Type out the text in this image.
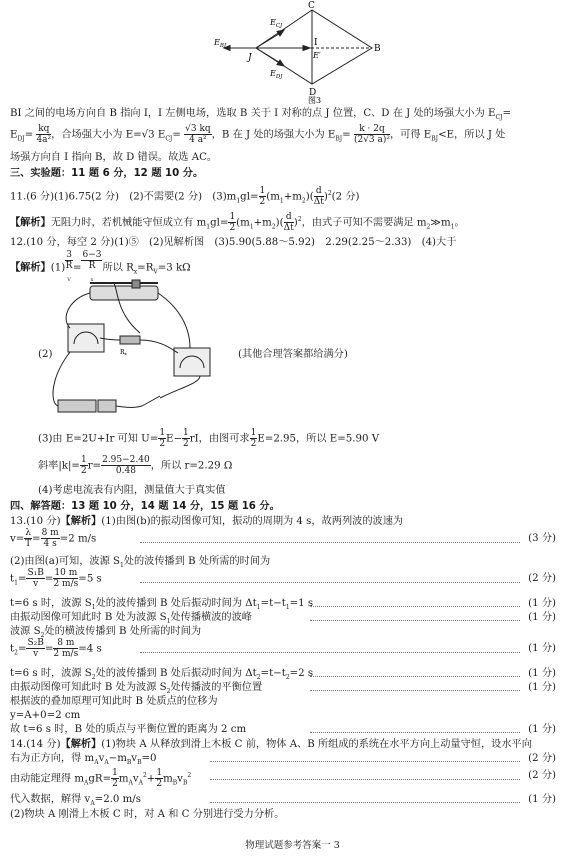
C
D
J
I
B
$E_{BJ}$
$E_{CJ}$
$E_{DJ}$
E′
图3
BI 之间的电场方向自 B 指向 I，I 左侧电场，选取 B 关于 I 对称的点 J 位置，C、D 在 J 处的场强大小为 $E_{CJ}=$
$E_{DJ}= \frac{kq}{\text{4a²}}$ ，合场强大小为 E=√3 $E_{CJ}= \frac{√3 kq}{\text{4 a²}}$ ，B 在 J 处的场强大小为 $E_{BJ}= \frac{k \cdot 2q}{\text{(2√3 a)²}}$ ，可得 $E_{BJ}<E$，所以 J 处
场强方向自 I 指向 B，故 D 错误。故选 AC。
三、实验题：11 题 6 分，12 题 10 分。
11.(6 分)(1)6.75(2 分)　(2)不需要(2 分)　$(3)m_1gl= \frac{1}{2} (m_1+m_2)( \frac{d}{\Delta t} )^2(2$ 分)
【解析】无阻力时，若机械能守恒成立有 $m_1gl= \frac{1}{2} (m_1+m_2)( \frac{d}{\Delta t} )^2$，由式子可知不需要满足 $m_2≫m_1$。
12.(10 分，每空 2 分)(1)⑤　(2)见解析图　(3)5.90(5.88～5.92)　2.29(2.25～2.33)　(4)大于
【解析】(1) 3
R
$_V$ = 6−3
R
$_x$ 所以 $R_x=R_V=3$ kΩ
(2)	Rx	(其他合理答案都给满分)
(3)由 E=2U+Ir 可知 $U= \frac{1}{2} E- \frac{1}{2}$ rI，由图可求 $\frac{1}{2} E=2.95$，所以 E=5.90 V
斜率$|k|= \frac{1}{2} r= \frac{2.95-2.40}{0.48}$ ，所以 r=2.29 Ω
(4)考虑电流表有内阻，测量值大于真实值
四、解答题：13 题 10 分，14 题 14 分，15 题 16 分。
13.(10 分)【解析】(1)由图(b)的振动图像可知，振动的周期为 4 s，故两列波的波速为
$v= \frac{\lambda}{T} = \frac{8 m}{4 s} =2$ m/s	(3 分)
(2)由图(a)可知，波源 $S_1$处的波传播到 B 处所需的时间为
$t_1= \frac{\text{S₁B}}{v} = \frac{10 m}{2 m/s} =5$ s	(2 分)
t=6 s 时，波源 $S_1$处的波传播到 B 处后振动时间为 $\Delta t_1=t-t_1=1$ s	(1 分)
由振动图像可知此时 B 处为波源 $S_1$处传播横波的波峰	(1 分)
波源 $S_2$处的横波传播到 B 处所需的时间为
$t_2= \frac{\text{S₂B}}{v} = \frac{8 m}{2 m/s} =4$ s	(1 分)
t=6 s 时，波源 $S_2$处的波传播到 B 处后振动时间为 $\Delta t_2=t-t_2=2$ s	(1 分)
由振动图像可知此时 B 处为波源 $S_2$处传播波的平衡位置	(1 分)
根据波的叠加原理可知此时 B 处质点的位移为
y=A+0=2 cm
故 t=6 s 时，B 处的质点与平衡位置的距离为 2 cm	(1 分)
14.(14 分)【解析】(1)物块 A 从释放到滑上木板 C 前，物体 A、B 所组成的系统在水平方向上动量守恒，设水平向
右为正方向，得 $m_Av_A-m_Bv_B=0$	(2 分)
由动能定理得 $m_AgR= \frac{1}{2} m_Av_A^2+ \frac{1}{2} m_Bv_B^2$	(2 分)
代入数据，解得 $v_A=2.0$ m/s	(1 分)
(2)物块 A 刚滑上木板 C 时，对 A 和 C 分别进行受力分析。
物理试题参考答案一 3
